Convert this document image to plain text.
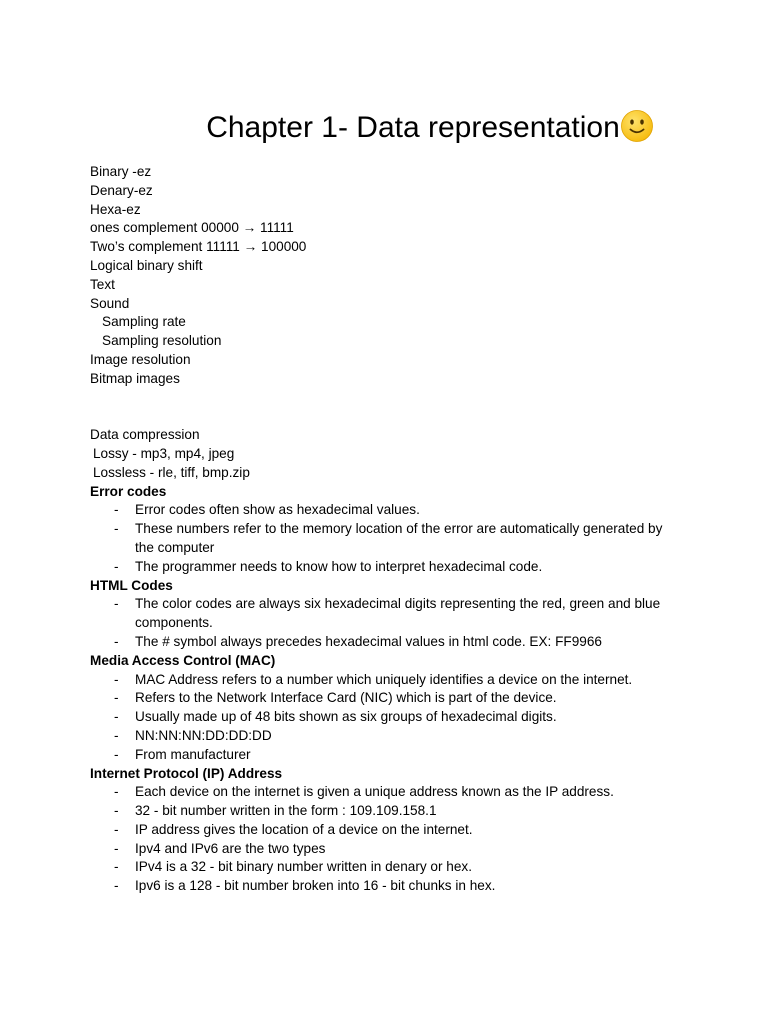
Chapter 1- Data representation
Binary -ez
Denary-ez
Hexa-ez
ones complement 00000 → 11111
Two’s complement 11111 → 100000
Logical binary shift
Text
Sound
Sampling rate
Sampling resolution
Image resolution
Bitmap images
Data compression
Lossy - mp3, mp4, jpeg
Lossless - rle, tiff, bmp.zip
Error codes
- Error codes often show as hexadecimal values.
- These numbers refer to the memory location of the error are automatically generated by the computer
- The programmer needs to know how to interpret hexadecimal code.
HTML Codes
- The color codes are always six hexadecimal digits representing the red, green and blue components.
- The # symbol always precedes hexadecimal values in html code. EX: FF9966
Media Access Control (MAC)
- MAC Address refers to a number which uniquely identifies a device on the internet.
- Refers to the Network Interface Card (NIC) which is part of the device.
- Usually made up of 48 bits shown as six groups of hexadecimal digits.
- NN:NN:NN:DD:DD:DD
- From manufacturer
Internet Protocol (IP) Address
- Each device on the internet is given a unique address known as the IP address.
- 32 - bit number written in the form : 109.109.158.1
- IP address gives the location of a device on the internet.
- Ipv4 and IPv6 are the two types
- IPv4 is a 32 - bit binary number written in denary or hex.
- Ipv6 is a 128 - bit number broken into 16 - bit chunks in hex.
